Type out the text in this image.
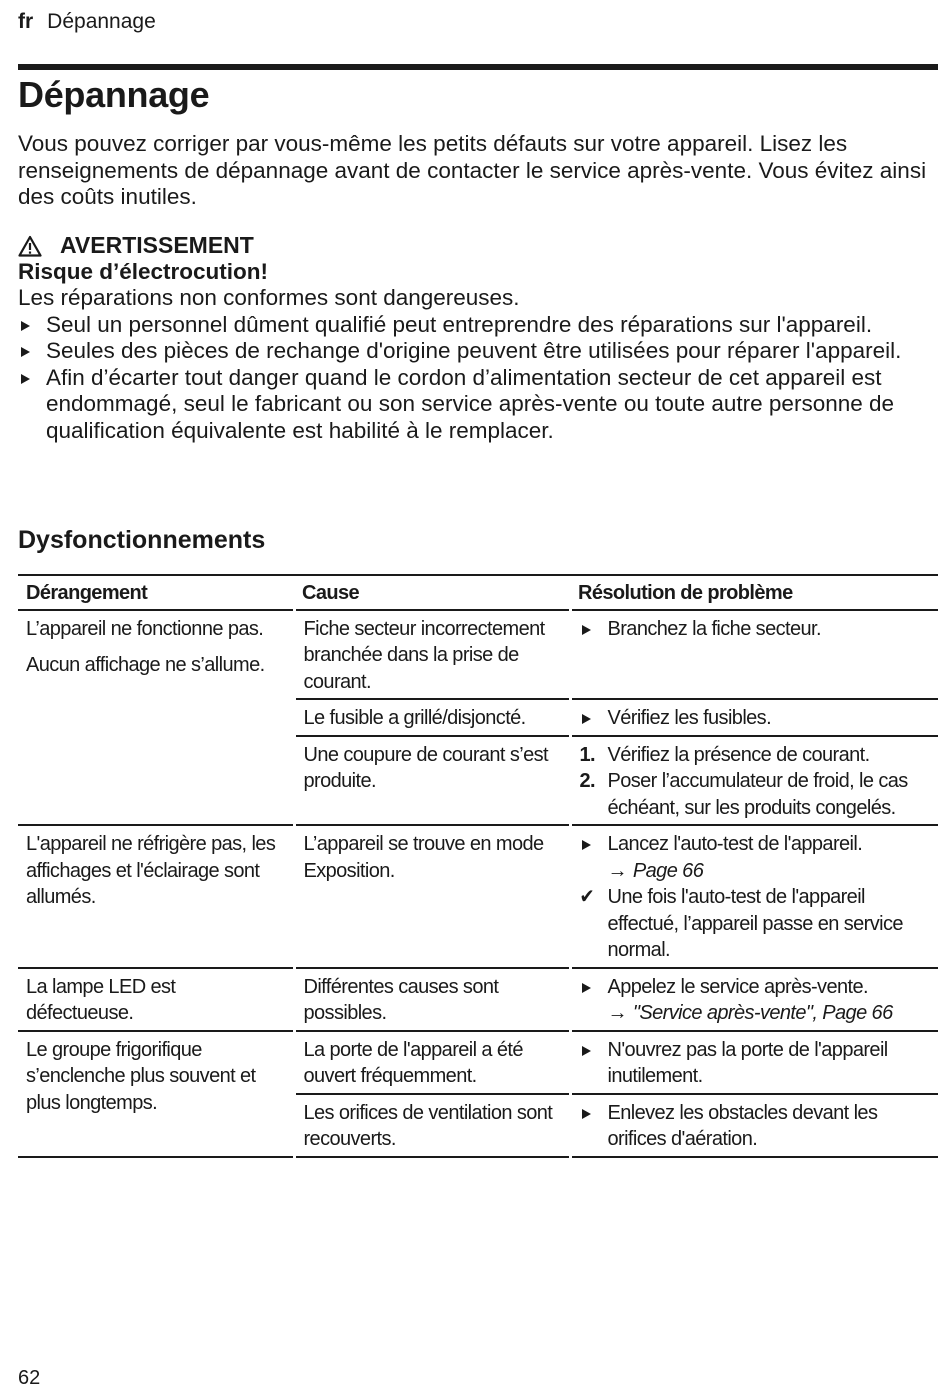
fr Dépannage
Dépannage

Vous pouvez corriger par vous-même les petits défauts sur votre appareil. Lisez les renseignements de dépannage avant de contacter le service après-vente. Vous évitez ainsi des coûts inutiles.

AVERTISSEMENT
Risque d’électrocution!
Les réparations non conformes sont dangereuses.
Seul un personnel dûment qualifié peut entreprendre des réparations sur l'appareil.
Seules des pièces de rechange d'origine peuvent être utilisées pour réparer l'appareil.
Afin d’écarter tout danger quand le cordon d’alimentation secteur de cet appareil est endommagé, seul le fabricant ou son service après-vente ou toute autre personne de qualification équivalente est habilité à le remplacer.
Dysfonctionnements
Dérangement	Cause	Résolution de problème

L’appareil ne fonctionne pas.
Aucun affichage ne s’allume.	Fiche secteur incorrectement branchée dans la prise de courant.	Branchez la fiche secteur.

	Le fusible a grillé/disjoncté.	Vérifiez les fusibles.

	Une coupure de courant s’est produite.	1. Vérifiez la présence de courant.
2. Poser l’accumulateur de froid, le cas échéant, sur les produits congelés.

L'appareil ne réfrigère pas, les affichages et l'éclairage sont allumés.	L’appareil se trouve en mode Exposition.	Lancez l'auto-test de l'appareil.
→ Page 66
✔ Une fois l'auto-test de l'appareil effectué, l’appareil passe en service normal.

La lampe LED est défectueuse.	Différentes causes sont possibles.	Appelez le service après-vente.
→ "Service après-vente", Page 66

Le groupe frigorifique s’enclenche plus souvent et plus longtemps.	La porte de l'appareil a été ouvert fréquemment.	N'ouvrez pas la porte de l'appareil inutilement.

	Les orifices de ventilation sont recouverts.	Enlevez les obstacles devant les orifices d'aération.
62
